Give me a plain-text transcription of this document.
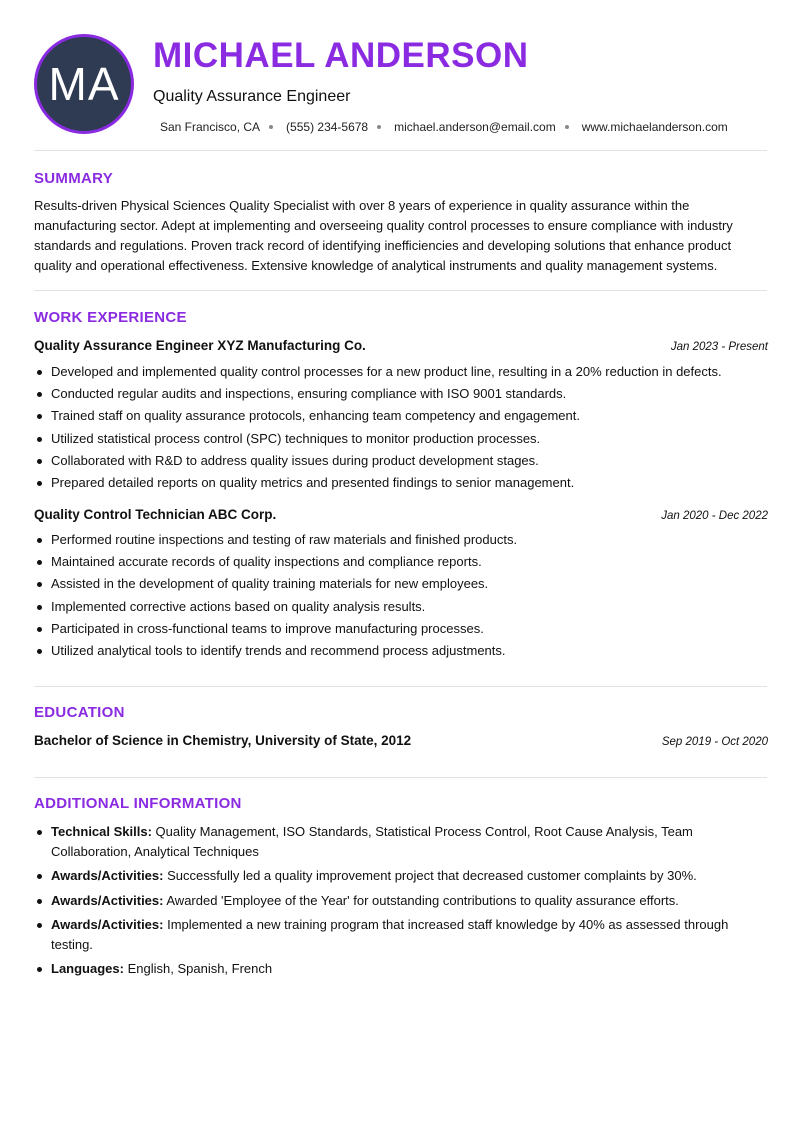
MA
MICHAEL ANDERSON
Quality Assurance Engineer
San Francisco, CA (555) 234-5678 michael.anderson@email.com www.michaelanderson.com
SUMMARY

Results-driven Physical Sciences Quality Specialist with over 8 years of experience in quality assurance within the manufacturing sector. Adept at implementing and overseeing quality control processes to ensure compliance with industry standards and regulations. Proven track record of identifying inefficiencies and developing solutions that enhance product quality and operational effectiveness. Extensive knowledge of analytical instruments and quality management systems.

WORK EXPERIENCE
Quality Assurance Engineer XYZ Manufacturing Co.	Jan 2023 - Present
Developed and implemented quality control processes for a new product line, resulting in a 20% reduction in defects.
Conducted regular audits and inspections, ensuring compliance with ISO 9001 standards.
Trained staff on quality assurance protocols, enhancing team competency and engagement.
Utilized statistical process control (SPC) techniques to monitor production processes.
Collaborated with R&D to address quality issues during product development stages.
Prepared detailed reports on quality metrics and presented findings to senior management.
Quality Control Technician ABC Corp.	Jan 2020 - Dec 2022
Performed routine inspections and testing of raw materials and finished products.
Maintained accurate records of quality inspections and compliance reports.
Assisted in the development of quality training materials for new employees.
Implemented corrective actions based on quality analysis results.
Participated in cross-functional teams to improve manufacturing processes.
Utilized analytical tools to identify trends and recommend process adjustments.
EDUCATION
Bachelor of Science in Chemistry, University of State, 2012	Sep 2019 - Oct 2020
ADDITIONAL INFORMATION
Technical Skills: Quality Management, ISO Standards, Statistical Process Control, Root Cause Analysis, Team Collaboration, Analytical Techniques
Awards/Activities: Successfully led a quality improvement project that decreased customer complaints by 30%.
Awards/Activities: Awarded 'Employee of the Year' for outstanding contributions to quality assurance efforts.
Awards/Activities: Implemented a new training program that increased staff knowledge by 40% as assessed through testing.
Languages: English, Spanish, French
